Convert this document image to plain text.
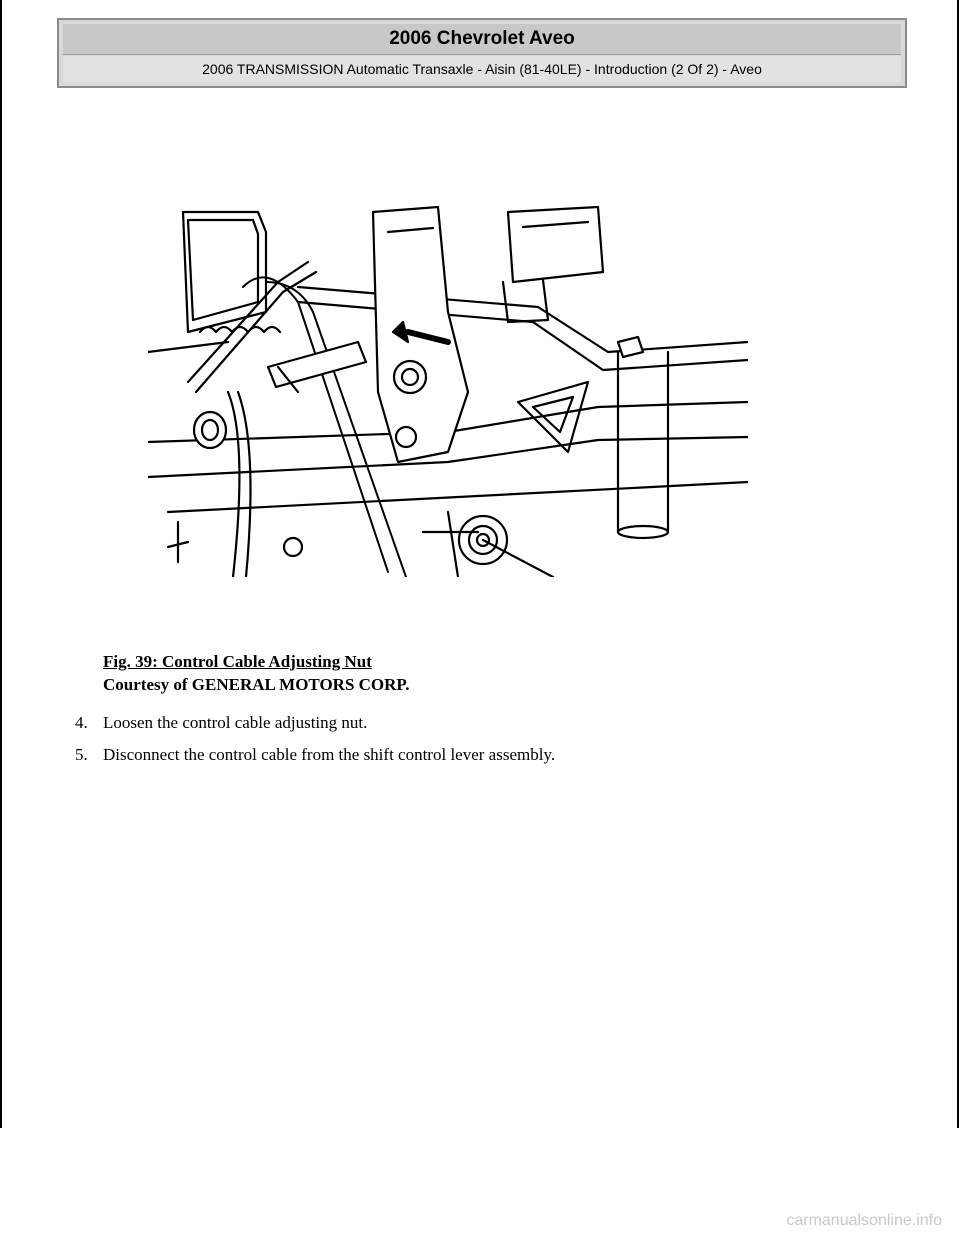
2006 Chevrolet Aveo
2006 TRANSMISSION Automatic Transaxle - Aisin (81-40LE) - Introduction (2 Of 2) - Aveo
Fig. 39: Control Cable Adjusting Nut
Courtesy of GENERAL MOTORS CORP.
4. Loosen the control cable adjusting nut.
5. Disconnect the control cable from the shift control lever assembly.
carmanualsonline.info
